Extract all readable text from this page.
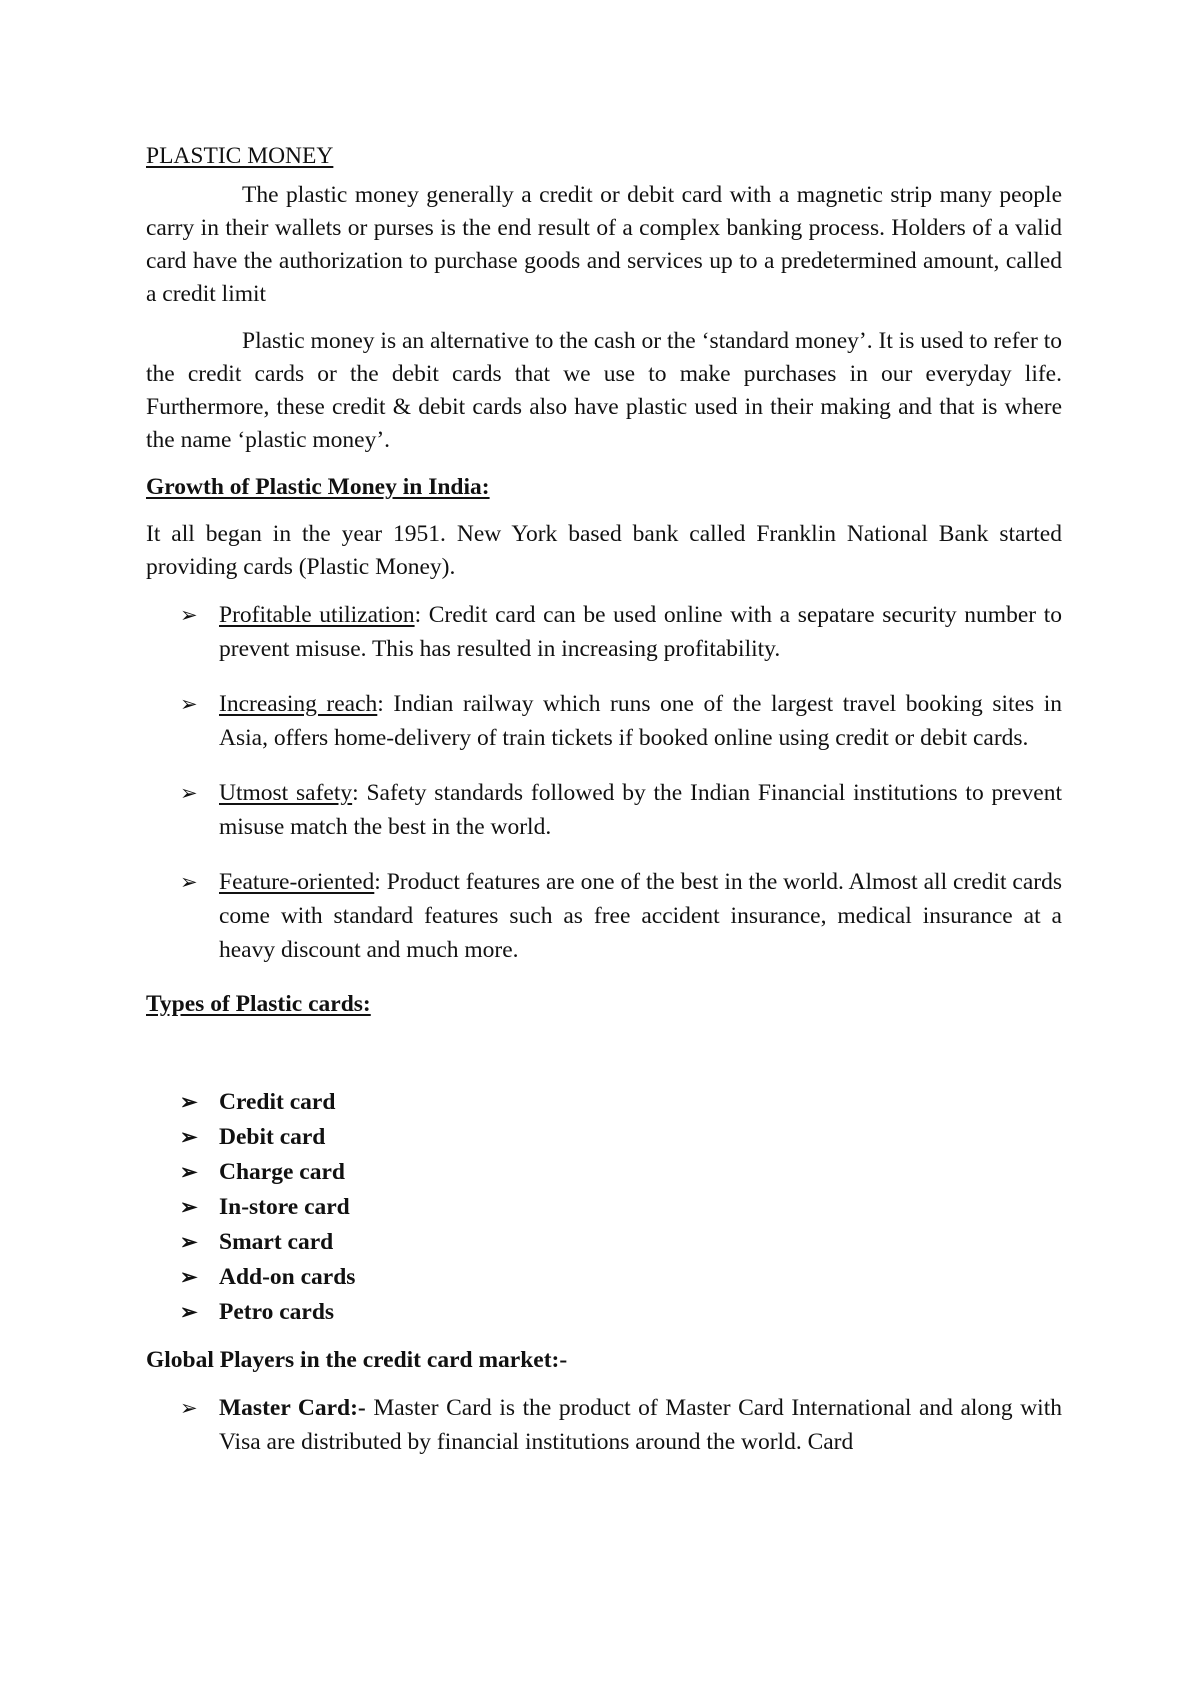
PLASTIC MONEY

The plastic money generally a credit or debit card with a magnetic strip many people carry in their wallets or purses is the end result of a complex banking process. Holders of a valid card have the authorization to purchase goods and services up to a predetermined amount, called a credit limit

Plastic money is an alternative to the cash or the ‘standard money’. It is used to refer to the credit cards or the debit cards that we use to make purchases in our everyday life. Furthermore, these credit & debit cards also have plastic used in their making and that is where the name ‘plastic money’.

Growth of Plastic Money in India:

It all began in the year 1951. New York based bank called Franklin National Bank started providing cards (Plastic Money).

➢ Profitable utilization: Credit card can be used online with a sepatare security number to prevent misuse. This has resulted in increasing profitability.
➢ Increasing reach: Indian railway which runs one of the largest travel booking sites in Asia, offers home-delivery of train tickets if booked online using credit or debit cards.
➢ Utmost safety: Safety standards followed by the Indian Financial institutions to prevent misuse match the best in the world.
➢ Feature-oriented: Product features are one of the best in the world. Almost all credit cards come with standard features such as free accident insurance, medical insurance at a heavy discount and much more.
Types of Plastic cards:
➢ Credit card
➢ Debit card
➢ Charge card
➢ In-store card
➢ Smart card
➢ Add-on cards
➢ Petro cards
Global Players in the credit card market:-
➢ Master Card:- Master Card is the product of Master Card International and along with Visa are distributed by financial institutions around the world. Card
